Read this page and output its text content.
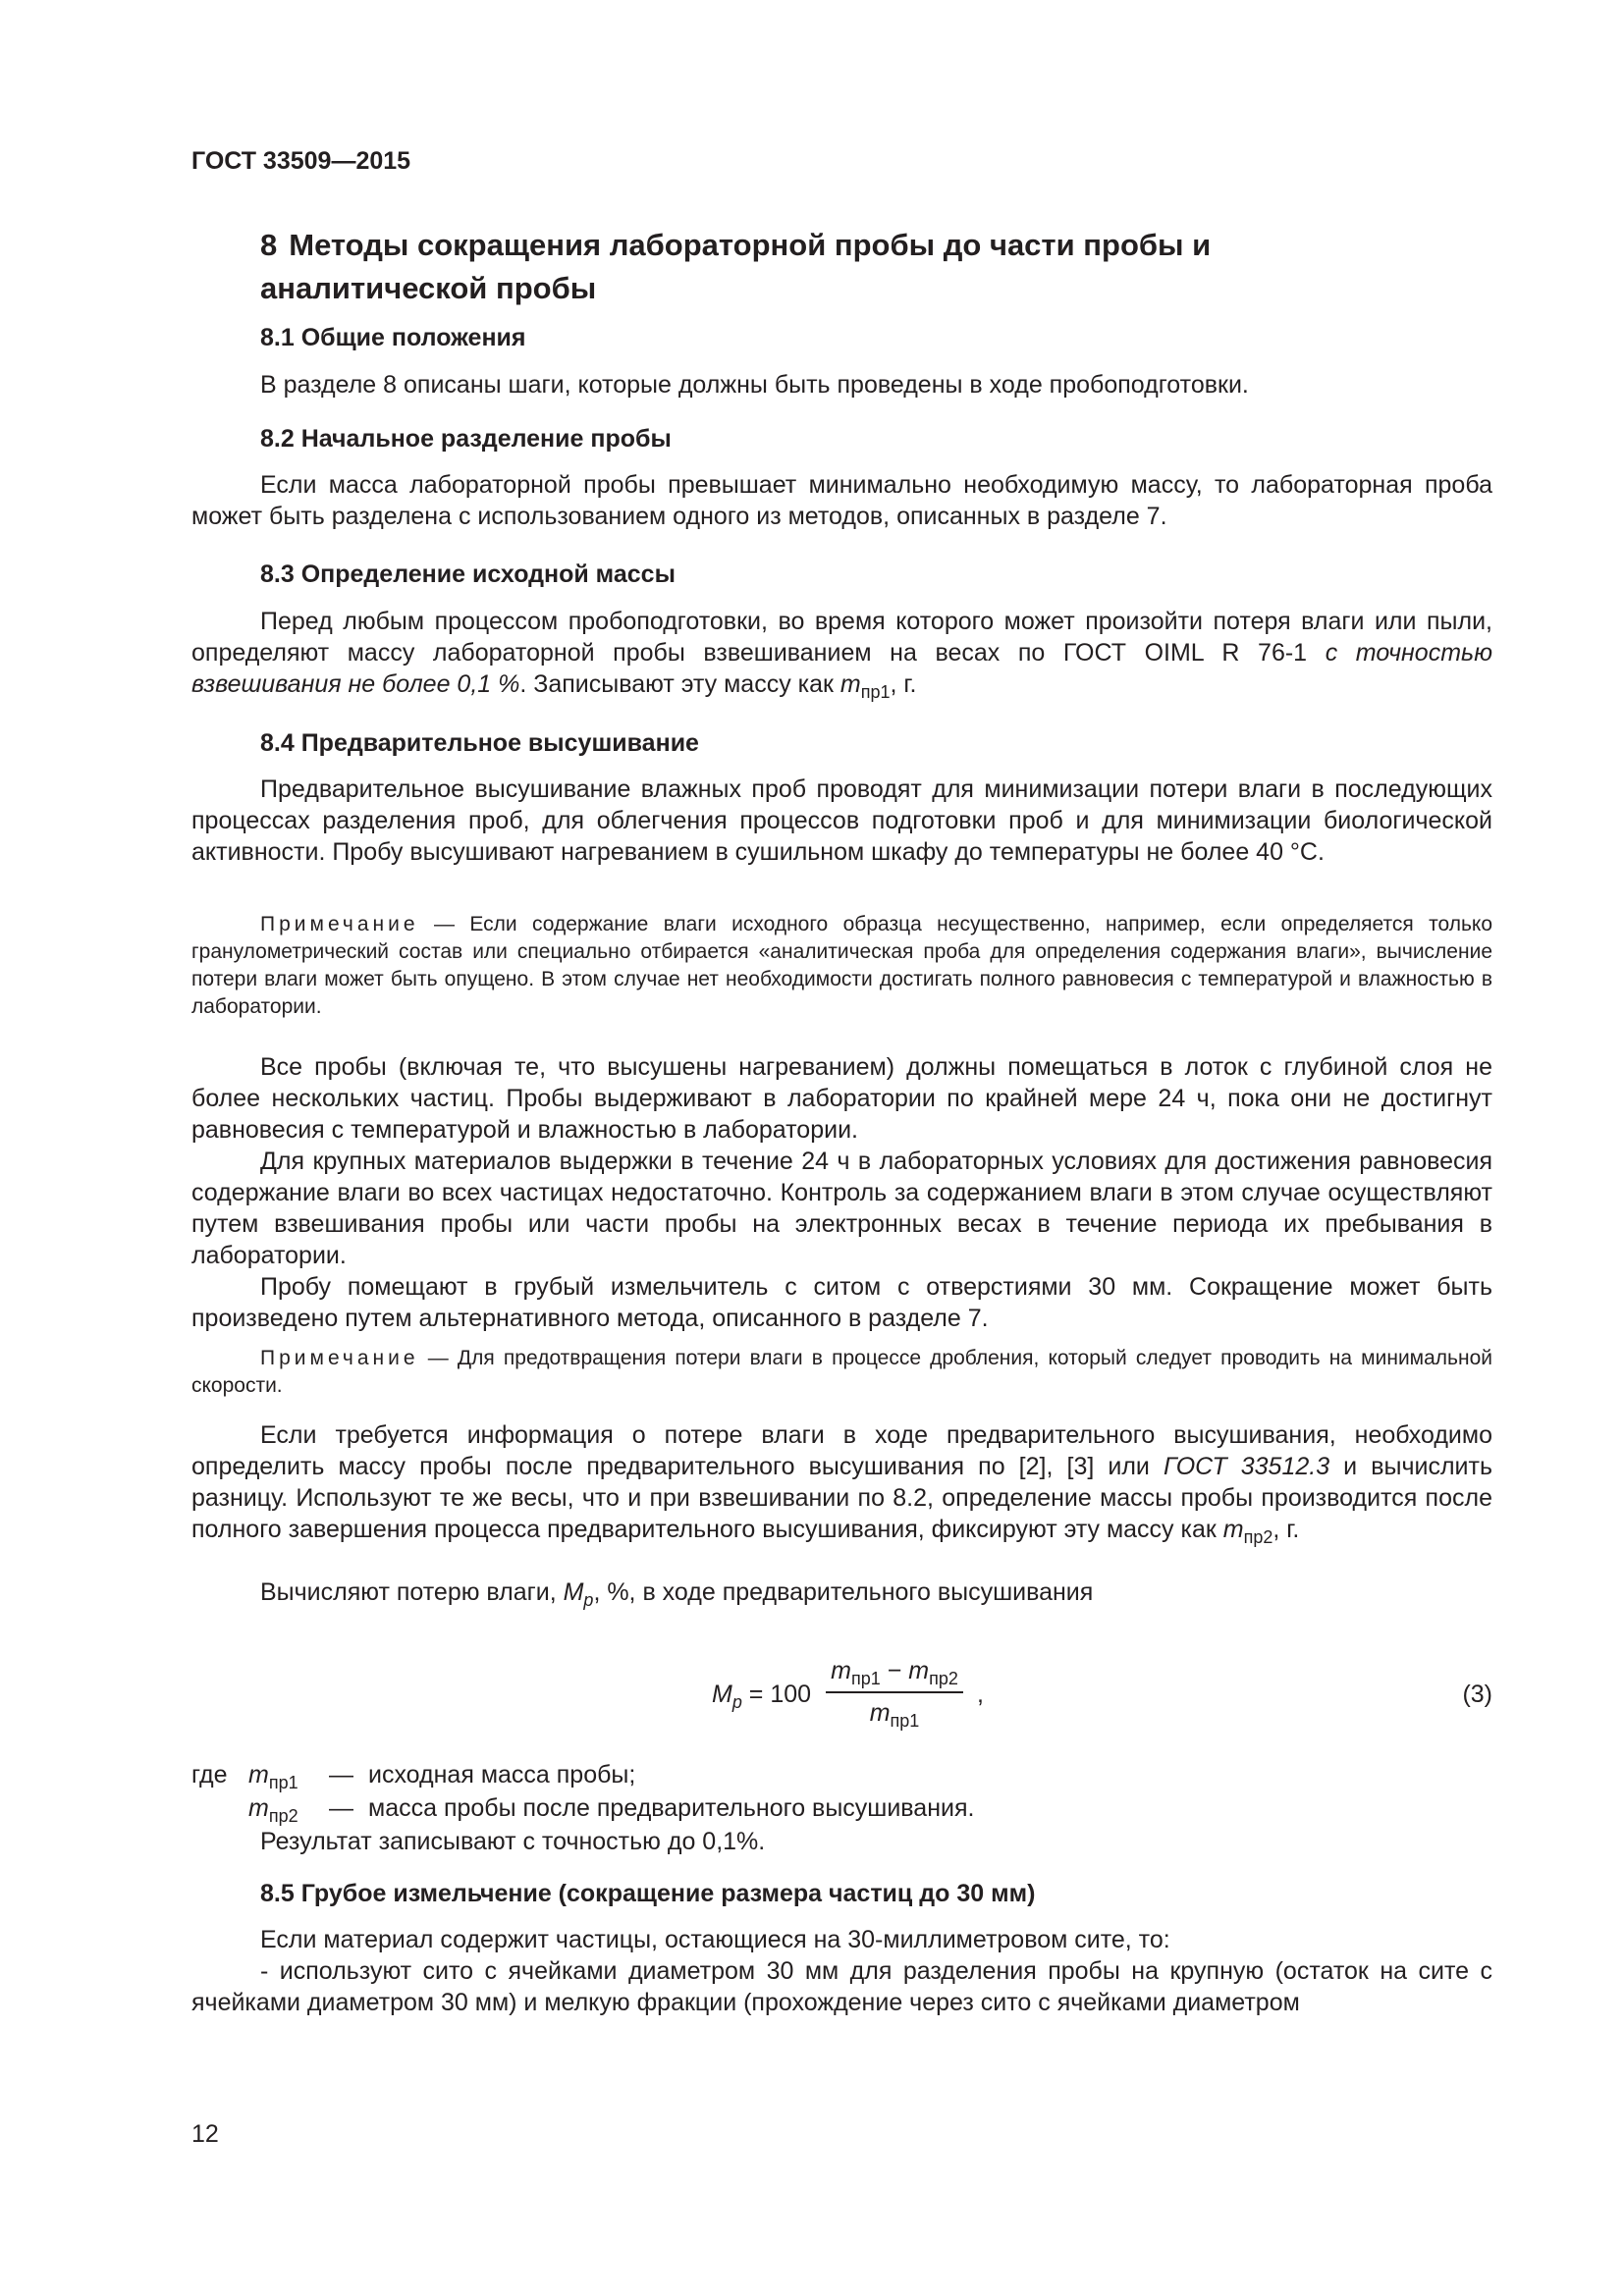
ГОСТ 33509—2015
8 Методы сокращения лабораторной пробы до части пробы и аналитической пробы
8.1 Общие положения
В разделе 8 описаны шаги, которые должны быть проведены в ходе пробоподготовки.
8.2 Начальное разделение пробы
Если масса лабораторной пробы превышает минимально необходимую массу, то лабораторная проба может быть разделена с использованием одного из методов, описанных в разделе 7.
8.3 Определение исходной массы
Перед любым процессом пробоподготовки, во время которого может произойти потеря влаги или пыли, определяют массу лабораторной пробы взвешиванием на весах по ГОСТ OIML R 76-1 с точностью взвешивания не более 0,1 %. Записывают эту массу как $m_{пр1}$, г.
8.4 Предварительное высушивание
Предварительное высушивание влажных проб проводят для минимизации потери влаги в последующих процессах разделения проб, для облегчения процессов подготовки проб и для минимизации биологической активности. Пробу высушивают нагреванием в сушильном шкафу до температуры не более 40 °С.
Примечание — Если содержание влаги исходного образца несущественно, например, если определяется только гранулометрический состав или специально отбирается «аналитическая проба для определения содержания влаги», вычисление потери влаги может быть опущено. В этом случае нет необходимости достигать полного равновесия с температурой и влажностью в лаборатории.
Все пробы (включая те, что высушены нагреванием) должны помещаться в лоток с глубиной слоя не более нескольких частиц. Пробы выдерживают в лаборатории по крайней мере 24 ч, пока они не достигнут равновесия с температурой и влажностью в лаборатории.
Для крупных материалов выдержки в течение 24 ч в лабораторных условиях для достижения равновесия содержание влаги во всех частицах недостаточно. Контроль за содержанием влаги в этом случае осуществляют путем взвешивания пробы или части пробы на электронных весах в течение периода их пребывания в лаборатории.
Пробу помещают в грубый измельчитель с ситом с отверстиями 30 мм. Сокращение может быть произведено путем альтернативного метода, описанного в разделе 7.
Примечание — Для предотвращения потери влаги в процессе дробления, который следует проводить на минимальной скорости.
Если требуется информация о потере влаги в ходе предварительного высушивания, необходимо определить массу пробы после предварительного высушивания по [2], [3] или ГОСТ 33512.3 и вычислить разницу. Используют те же весы, что и при взвешивании по 8.2, определение массы пробы производится после полного завершения процесса предварительного высушивания, фиксируют эту массу как $m_{пр2}$, г.
Вычисляют потерю влаги, $M_p$, %, в ходе предварительного высушивания
$M_p = 100$
$m_{пр1} - m_{пр2}$
$m_{пр1}$
,	(3)
где $m_{пр1}$ — исходная масса пробы;
$m_{пр2}$ — масса пробы после предварительного высушивания.
Результат записывают с точностью до 0,1%.
8.5 Грубое измельчение (сокращение размера частиц до 30 мм)
Если материал содержит частицы, остающиеся на 30-миллиметровом сите, то:
- используют сито с ячейками диаметром 30 мм для разделения пробы на крупную (остаток на сите с ячейками диаметром 30 мм) и мелкую фракции (прохождение через сито с ячейками диаметром
12
